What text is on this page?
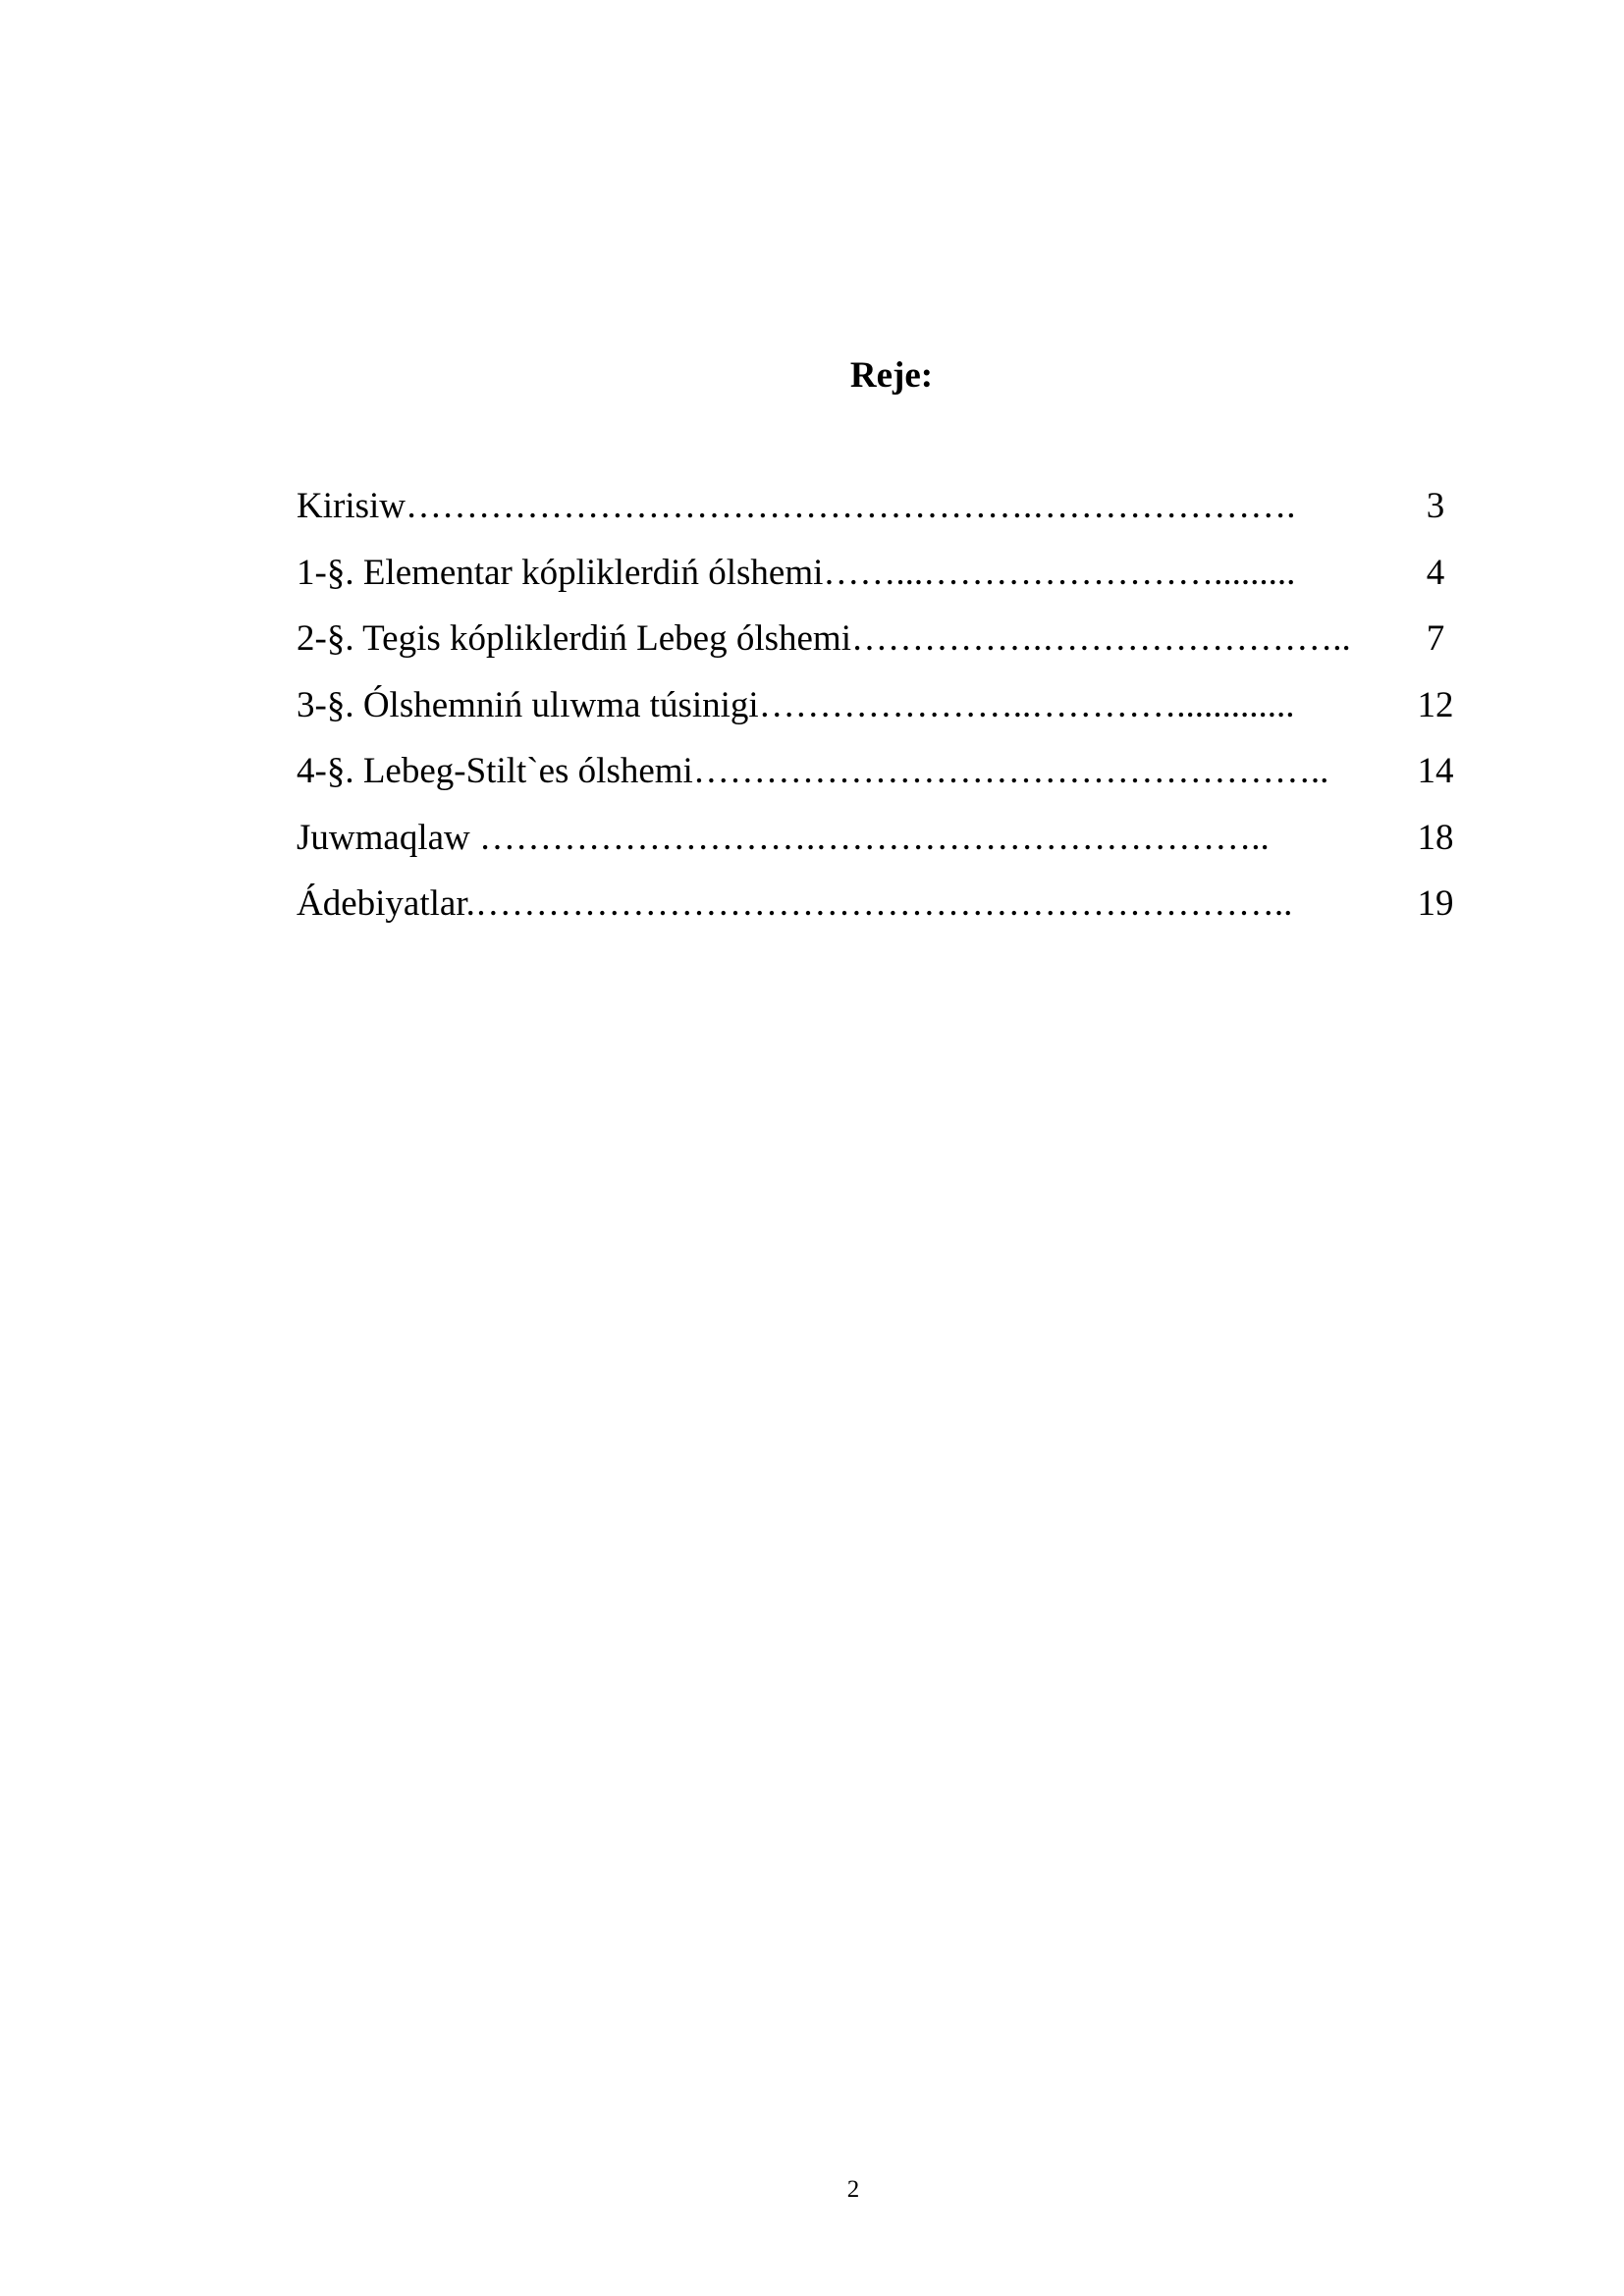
Reje:
Kirisiw…………………………………………….………………….	3
1-§. Elementar kópliklerdiń ólshemi……...…………………….........	4
2-§. Tegis kópliklerdiń Lebeg ólshemi…………….……………………..	7
3-§. Ólshemniń ulıwma túsinigi…………………..………….............	12
4-§. Lebeg-Stilt`es ólshemi……………………………………………..	14
Juwmaqlaw ……………………….………………………………..	18
Ádebiyatlar.…………………………………………………………..	19
2
